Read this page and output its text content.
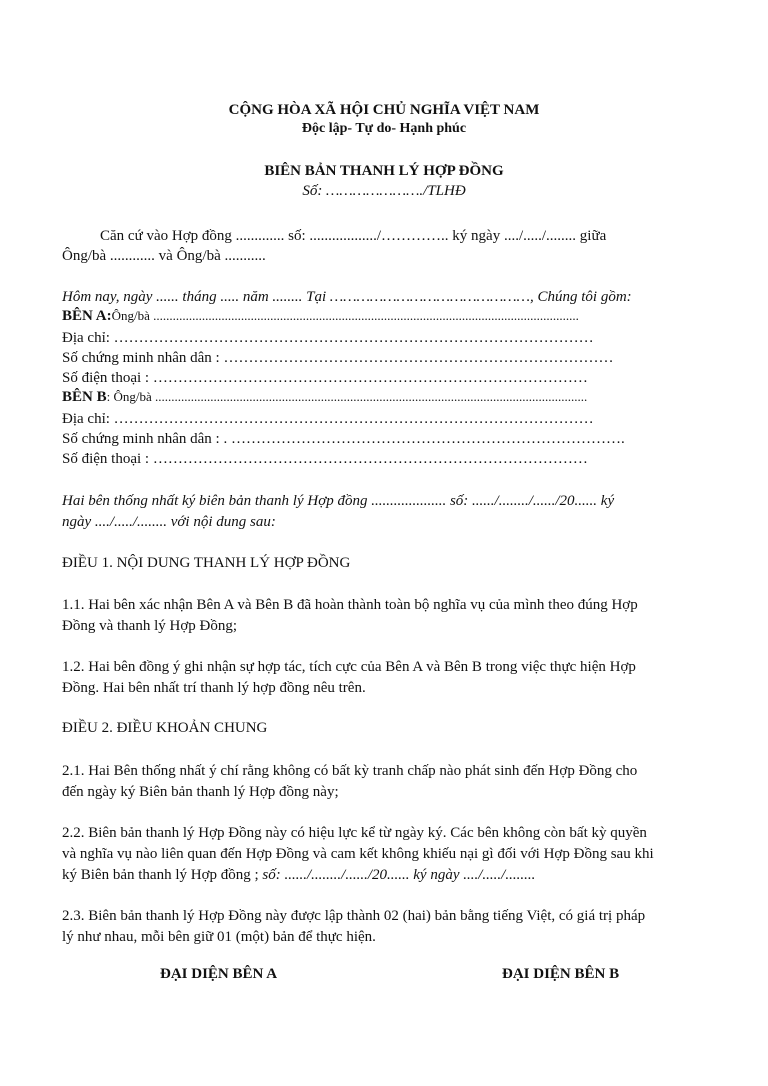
CỘNG HÒA XÃ HỘI CHỦ NGHĨA VIỆT NAM
Độc lập- Tự do- Hạnh phúc
BIÊN BẢN THANH LÝ HỢP ĐỒNG
Số: …………………./TLHĐ
Căn cứ vào Hợp đồng ............. số: ................../………….. ký ngày ..../...../........ giữa
Ông/bà ............ và Ông/bà ...........
Hôm nay, ngày ...... tháng ..... năm ........ Tại ………………………………………, Chúng tôi gồm:
BÊN A:Ông/bà ...................................................................................................................................
Địa chỉ: ……………………………………………………………………………………
Số chứng minh nhân dân : ……………………………………………………………………
Số điện thoại : ……………………………………………………………………………
BÊN B: Ông/bà .....................................................................................................................................
Địa chỉ: ……………………………………………………………………………………
Số chứng minh nhân dân : . …………………………………………………………………….
Số điện thoại : ……………………………………………………………………………
Hai bên thống nhất ký biên bản thanh lý Hợp đồng .................... số: ....../......../....../20...... ký
ngày ..../...../........ với nội dung sau:
ĐIỀU 1. NỘI DUNG THANH LÝ HỢP ĐỒNG
1.1. Hai bên xác nhận Bên A và Bên B đã hoàn thành toàn bộ nghĩa vụ của mình theo đúng Hợp
Đồng và thanh lý Hợp Đồng;
1.2. Hai bên đồng ý ghi nhận sự hợp tác, tích cực của Bên A và Bên B trong việc thực hiện Hợp
Đồng. Hai bên nhất trí thanh lý hợp đồng nêu trên.
ĐIỀU 2. ĐIỀU KHOẢN CHUNG
2.1. Hai Bên thống nhất ý chí rằng không có bất kỳ tranh chấp nào phát sinh đến Hợp Đồng cho
đến ngày ký Biên bản thanh lý Hợp đồng này;
2.2. Biên bản thanh lý Hợp Đồng này có hiệu lực kể từ ngày ký. Các bên không còn bất kỳ quyền
và nghĩa vụ nào liên quan đến Hợp Đồng và cam kết không khiếu nại gì đối với Hợp Đồng sau khi
ký Biên bản thanh lý Hợp đồng ; số: ....../......../....../20...... ký ngày ..../...../........
2.3. Biên bản thanh lý Hợp Đồng này được lập thành 02 (hai) bản bằng tiếng Việt, có giá trị pháp
lý như nhau, mỗi bên giữ 01 (một) bản để thực hiện.
ĐẠI DIỆN BÊN A	ĐẠI DIỆN BÊN B
